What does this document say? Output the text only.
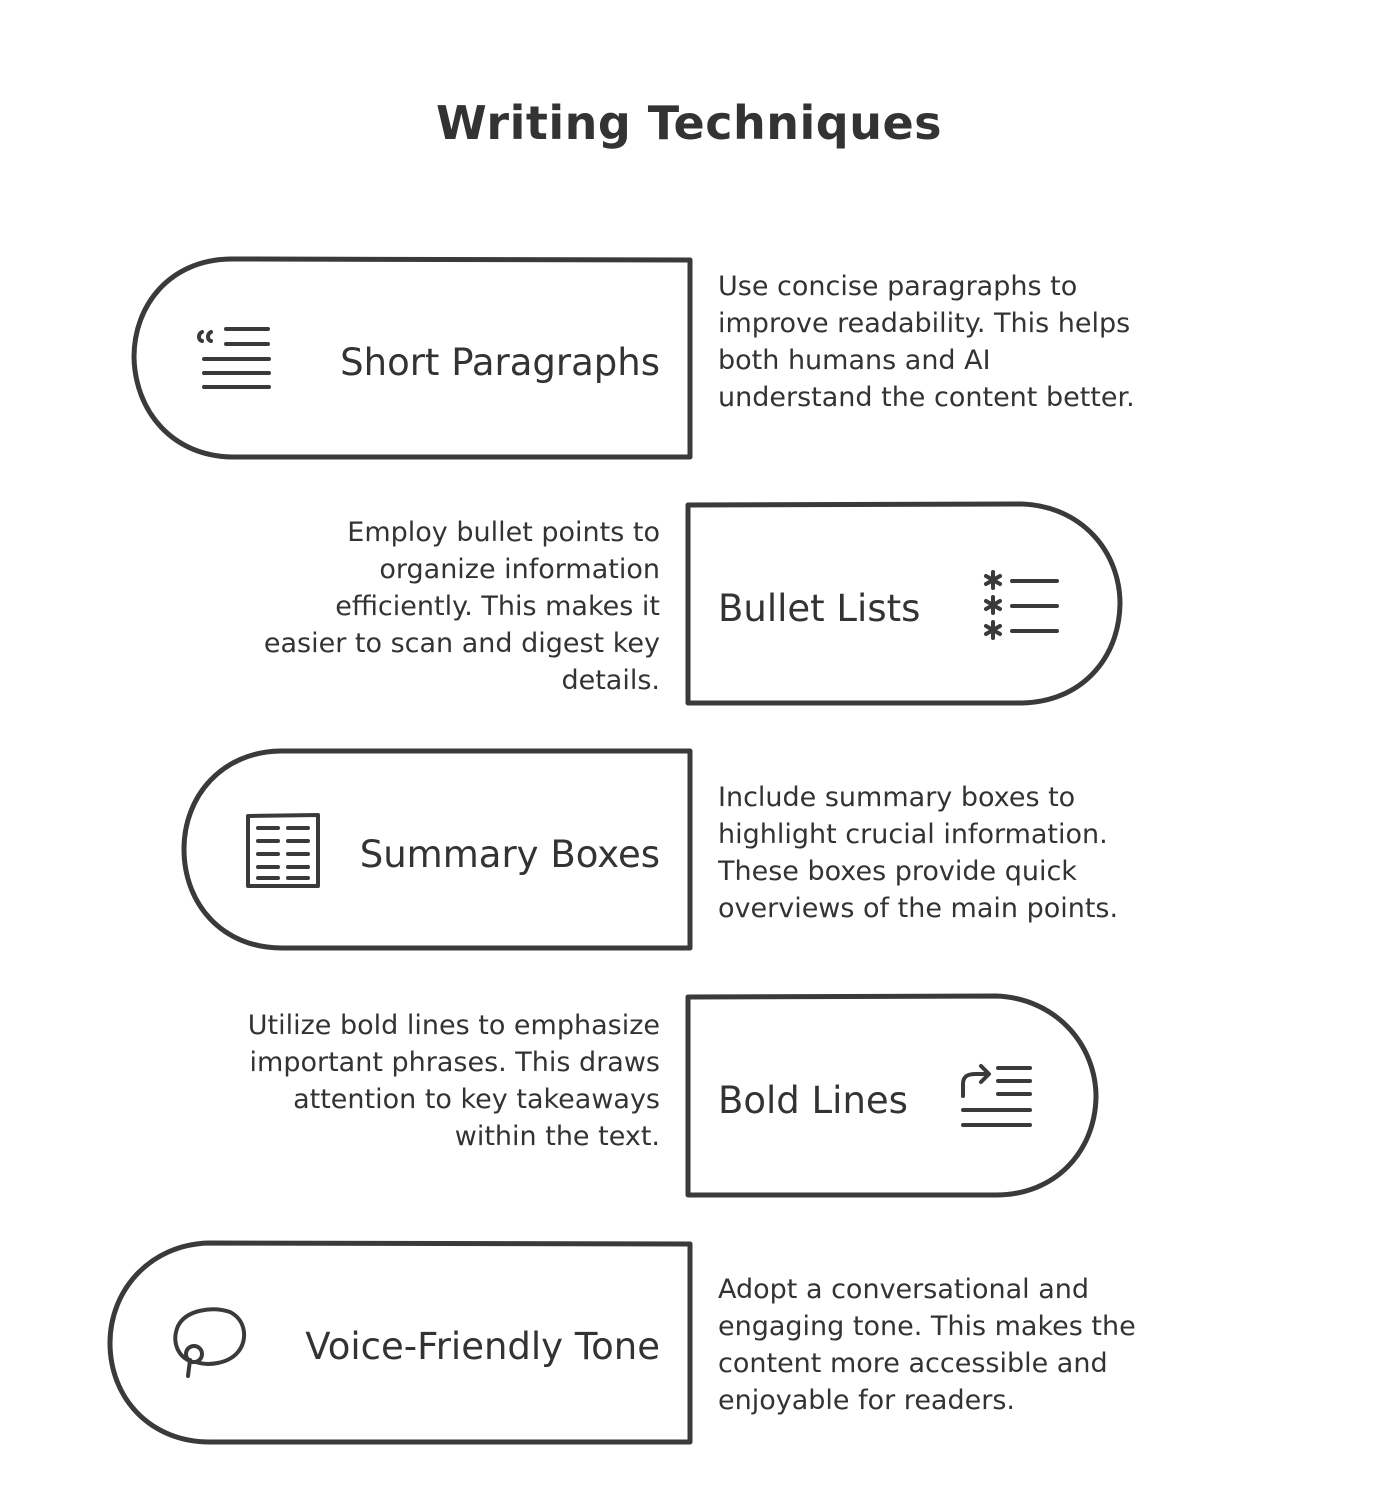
Writing Techniques
Short Paragraphs

Use concise paragraphs to improve readability. This helps both humans and AI understand the content better.

Employ bullet points to organize information efficiently. This makes it easier to scan and digest key details.

Bullet Lists
Summary Boxes

Include summary boxes to highlight crucial information. These boxes provide quick overviews of the main points.

Utilize bold lines to emphasize important phrases. This draws attention to key takeaways within the text.

Bold Lines
Voice-Friendly Tone

Adopt a conversational and engaging tone. This makes the content more accessible and enjoyable for readers.
